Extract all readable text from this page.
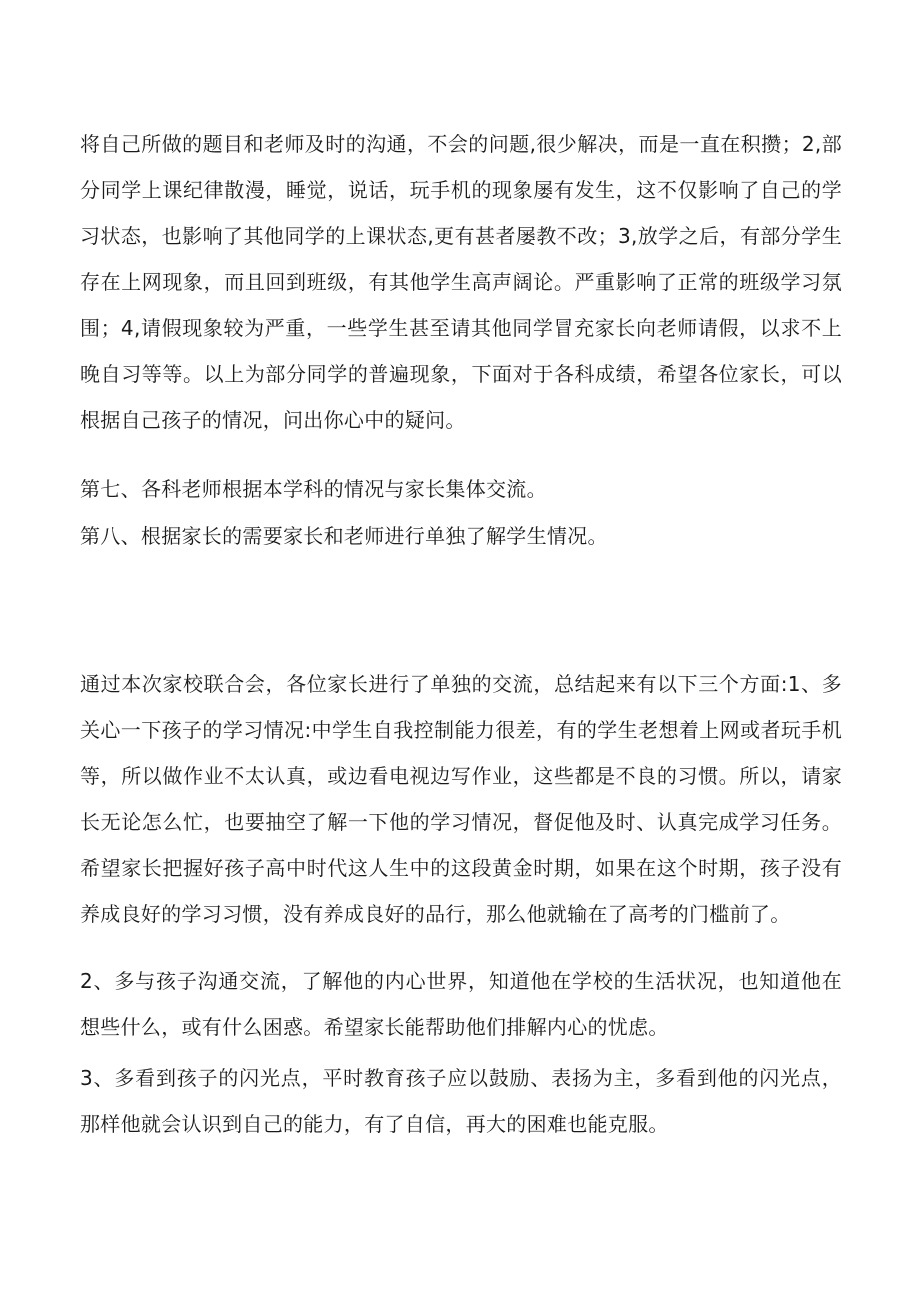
将自己所做的题目和老师及时的沟通，不会的问题,很少解决，而是一直在积攒；2,部分同学上课纪律散漫，睡觉，说话，玩手机的现象屡有发生，这不仅影响了自己的学习状态，也影响了其他同学的上课状态,更有甚者屡教不改；3,放学之后，有部分学生存在上网现象，而且回到班级，有其他学生高声阔论。严重影响了正常的班级学习氛围；4,请假现象较为严重，一些学生甚至请其他同学冒充家长向老师请假，以求不上晚自习等等。以上为部分同学的普遍现象，下面对于各科成绩，希望各位家长，可以根据自己孩子的情况，问出你心中的疑问。

第七、各科老师根据本学科的情况与家长集体交流。

第八、根据家长的需要家长和老师进行单独了解学生情况。

通过本次家校联合会，各位家长进行了单独的交流，总结起来有以下三个方面:1、多关心一下孩子的学习情况:中学生自我控制能力很差，有的学生老想着上网或者玩手机等，所以做作业不太认真，或边看电视边写作业，这些都是不良的习惯。所以，请家长无论怎么忙，也要抽空了解一下他的学习情况，督促他及时、认真完成学习任务。希望家长把握好孩子高中时代这人生中的这段黄金时期，如果在这个时期，孩子没有养成良好的学习习惯，没有养成良好的品行，那么他就输在了高考的门槛前了。

2、多与孩子沟通交流，了解他的内心世界，知道他在学校的生活状况，也知道他在想些什么，或有什么困惑。希望家长能帮助他们排解内心的忧虑。

3、多看到孩子的闪光点，平时教育孩子应以鼓励、表扬为主，多看到他的闪光点，那样他就会认识到自己的能力，有了自信，再大的困难也能克服。
